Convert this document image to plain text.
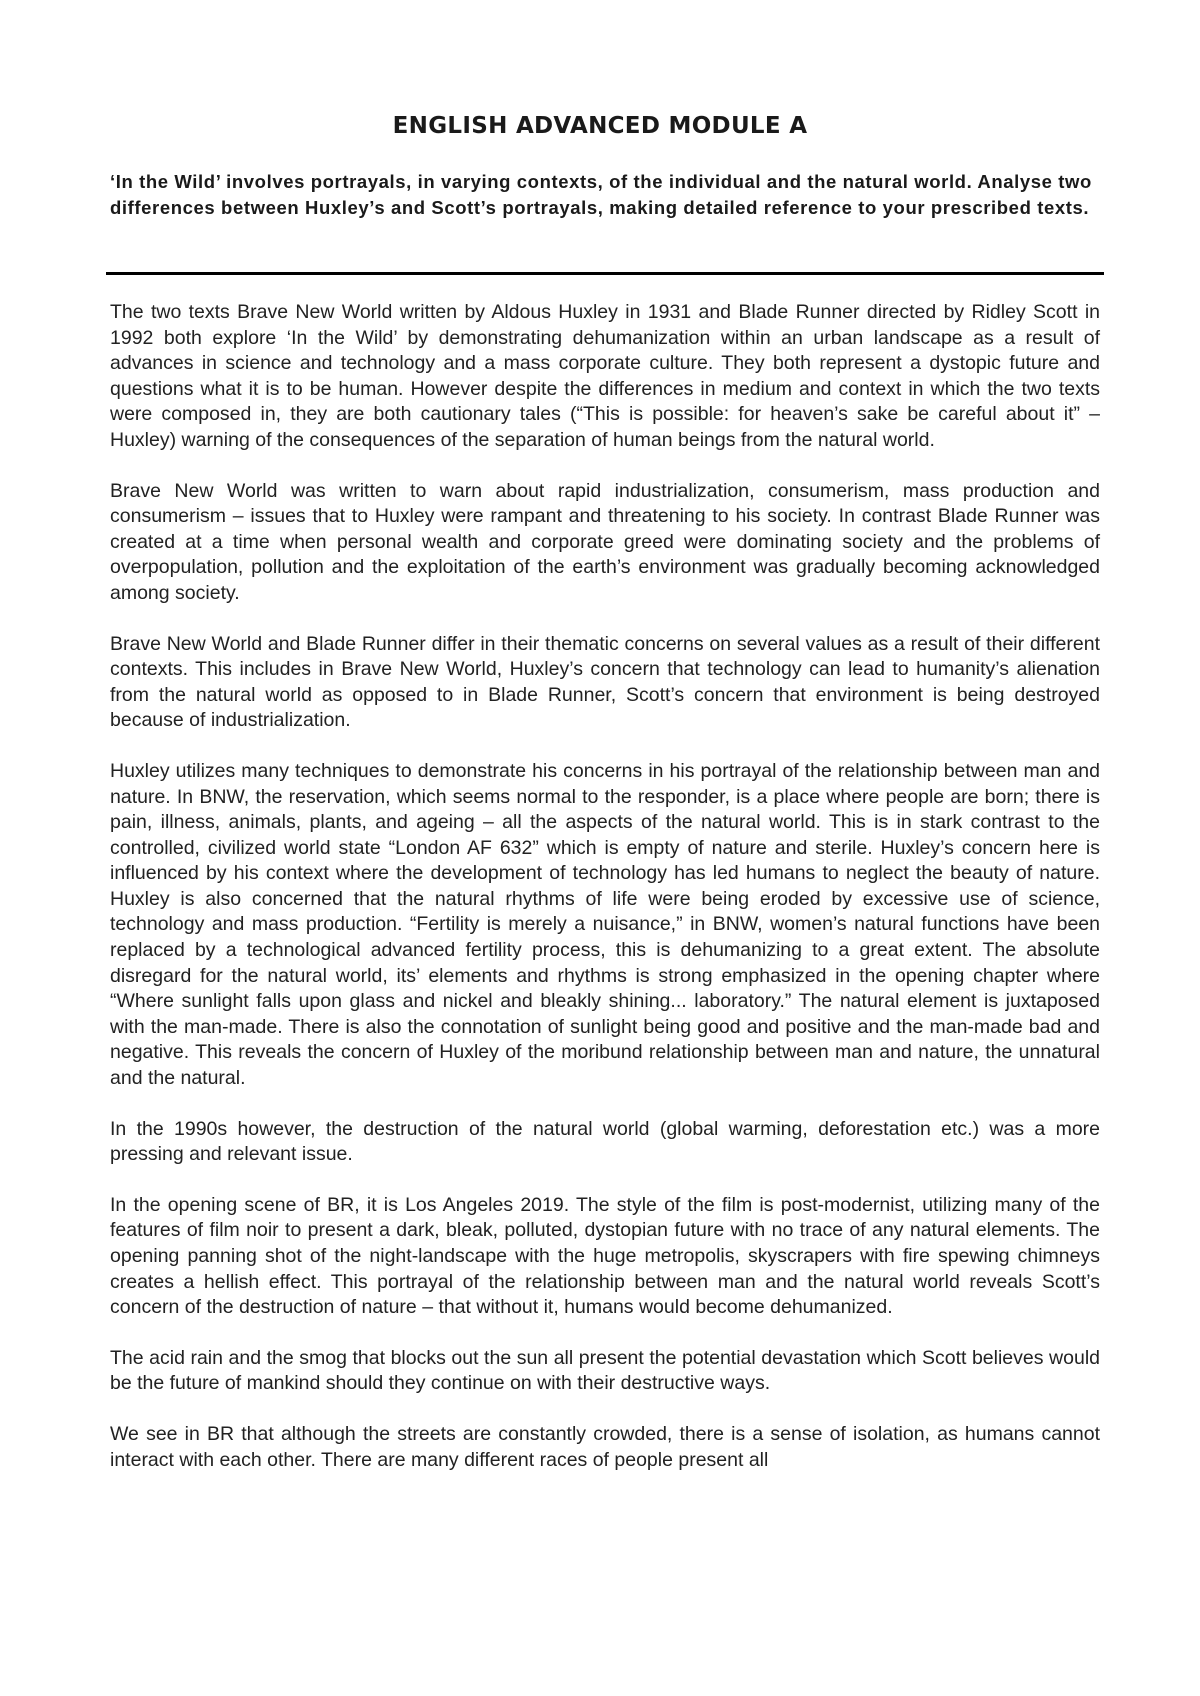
ENGLISH ADVANCED MODULE A

‘In the Wild’ involves portrayals, in varying contexts, of the individual and the natural world. Analyse two differences between Huxley’s and Scott’s portrayals, making detailed reference to your prescribed texts.

The two texts Brave New World written by Aldous Huxley in 1931 and Blade Runner directed by Ridley Scott in 1992 both explore ‘In the Wild’ by demonstrating dehumanization within an urban landscape as a result of advances in science and technology and a mass corporate culture. They both represent a dystopic future and questions what it is to be human. However despite the differences in medium and context in which the two texts were composed in, they are both cautionary tales (“This is possible: for heaven’s sake be careful about it” – Huxley) warning of the consequences of the separation of human beings from the natural world.

Brave New World was written to warn about rapid industrialization, consumerism, mass production and consumerism – issues that to Huxley were rampant and threatening to his society. In contrast Blade Runner was created at a time when personal wealth and corporate greed were dominating society and the problems of overpopulation, pollution and the exploitation of the earth’s environment was gradually becoming acknowledged among society.

Brave New World and Blade Runner differ in their thematic concerns on several values as a result of their different contexts. This includes in Brave New World, Huxley’s concern that technology can lead to humanity’s alienation from the natural world as opposed to in Blade Runner, Scott’s concern that environment is being destroyed because of industrialization.

Huxley utilizes many techniques to demonstrate his concerns in his portrayal of the relationship between man and nature. In BNW, the reservation, which seems normal to the responder, is a place where people are born; there is pain, illness, animals, plants, and ageing – all the aspects of the natural world. This is in stark contrast to the controlled, civilized world state “London AF 632” which is empty of nature and sterile. Huxley’s concern here is influenced by his context where the development of technology has led humans to neglect the beauty of nature. Huxley is also concerned that the natural rhythms of life were being eroded by excessive use of science, technology and mass production. “Fertility is merely a nuisance,” in BNW, women’s natural functions have been replaced by a technological advanced fertility process, this is dehumanizing to a great extent. The absolute disregard for the natural world, its’ elements and rhythms is strong emphasized in the opening chapter where “Where sunlight falls upon glass and nickel and bleakly shining... laboratory.” The natural element is juxtaposed with the man-made. There is also the connotation of sunlight being good and positive and the man-made bad and negative. This reveals the concern of Huxley of the moribund relationship between man and nature, the unnatural and the natural.

In the 1990s however, the destruction of the natural world (global warming, deforestation etc.) was a more pressing and relevant issue.

In the opening scene of BR, it is Los Angeles 2019. The style of the film is post-modernist, utilizing many of the features of film noir to present a dark, bleak, polluted, dystopian future with no trace of any natural elements. The opening panning shot of the night-landscape with the huge metropolis, skyscrapers with fire spewing chimneys creates a hellish effect. This portrayal of the relationship between man and the natural world reveals Scott’s concern of the destruction of nature – that without it, humans would become dehumanized.

The acid rain and the smog that blocks out the sun all present the potential devastation which Scott believes would be the future of mankind should they continue on with their destructive ways.

We see in BR that although the streets are constantly crowded, there is a sense of isolation, as humans cannot interact with each other. There are many different races of people present all
